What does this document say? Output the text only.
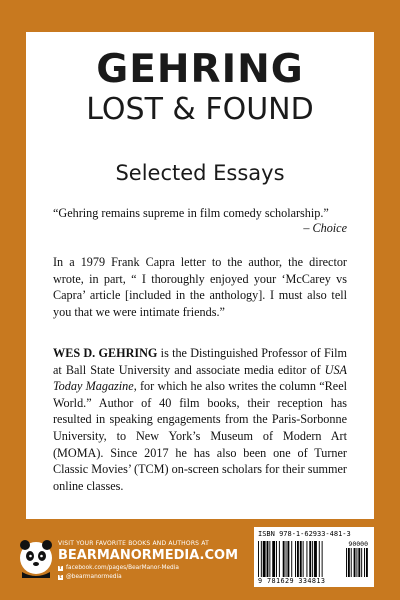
GEHRING
LOST & FOUND
Selected Essays

“Gehring remains supreme in film comedy scholarship.”

– Choice

In a 1979 Frank Capra letter to the author, the director wrote, in part, “ I thoroughly enjoyed your ‘McCarey vs Capra’ article [included in the anthology]. I must also tell you that we were intimate friends.”

WES D. GEHRING is the Distinguished Professor of Film at Ball State University and associate media editor of USA Today Magazine, for which he also writes the column “Reel World.” Author of 40 film books, their reception has resulted in speaking engagements from the Paris-Sorbonne University, to New York’s Museum of Modern Art (MOMA). Since 2017 he has also been one of Turner Classic Movies’ (TCM) on-screen scholars for their summer online classes.

VISIT YOUR FAVORITE BOOKS AND AUTHORS AT
BEARMANORMEDIA.COM
f facebook.com/pages/BearManor-Media
t @bearmanormedia
ISBN 978-1-62933-481-3
90000
9 781629 334813
